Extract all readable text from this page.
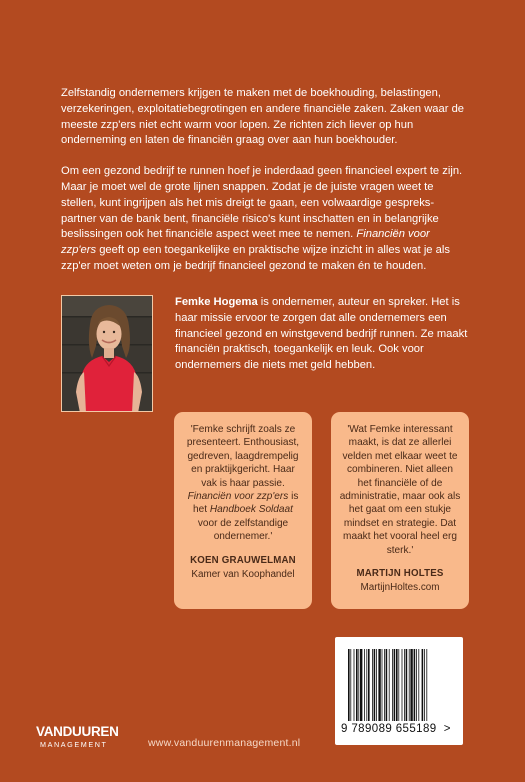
Zelfstandig ondernemers krijgen te maken met de boekhouding, belastingen, verzekeringen, exploitatiebegrotingen en andere financiële zaken. Zaken waar de meeste zzp'ers niet echt warm voor lopen. Ze richten zich liever op hun onderneming en laten de financiën graag over aan hun boekhouder.

Om een gezond bedrijf te runnen hoef je inderdaad geen financieel expert te zijn. Maar je moet wel de grote lijnen snappen. Zodat je de juiste vragen weet te stellen, kunt ingrijpen als het mis dreigt te gaan, een volwaardige gespreks-partner van de bank bent, financiële risico's kunt inschatten en in belangrijke beslissingen ook het financiële aspect weet mee te nemen. Financiën voor zzp'ers geeft op een toegankelijke en praktische wijze inzicht in alles wat je als zzp'er moet weten om je bedrijf financieel gezond te maken én te houden.

Femke Hogema is ondernemer, auteur en spreker. Het is haar missie ervoor te zorgen dat alle ondernemers een financieel gezond en winstgevend bedrijf runnen. Ze maakt financiën praktisch, toegankelijk en leuk. Ook voor ondernemers die niets met geld hebben.
'Femke schrijft zoals ze presenteert. Enthousiast, gedreven, laagdrempelig en praktijkgericht. Haar vak is haar passie. Financiën voor zzp'ers is het Handboek Soldaat voor de zelfstandige ondernemer.'
KOEN GRAUWELMAN
Kamer van Koophandel
'Wat Femke interessant maakt, is dat ze allerlei velden met elkaar weet te combineren. Niet alleen het financiële of de administratie, maar ook als het gaat om een stukje mindset en strategie. Dat maakt het vooral heel erg sterk.'
MARTIJN HOLTES
MartijnHoltes.com
9 789089 655189 >
VANDUUREN
MANAGEMENT	www.vanduurenmanagement.nl
